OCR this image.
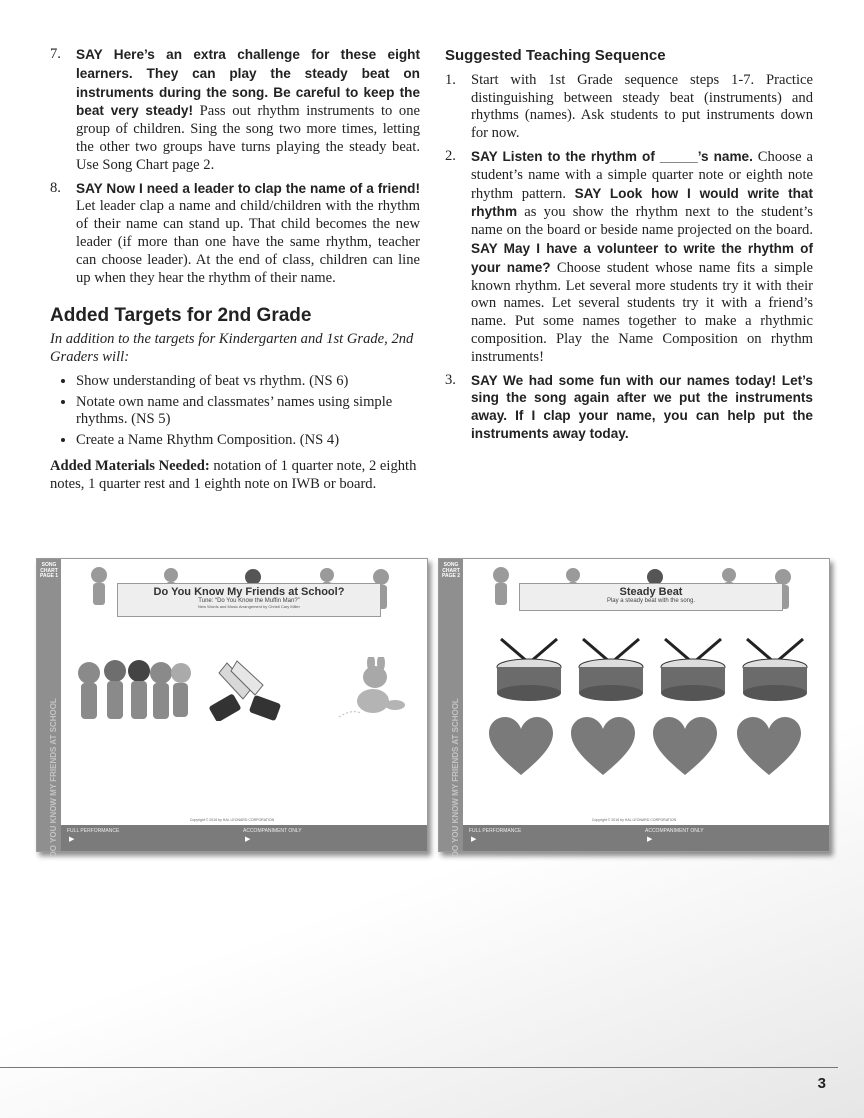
7.	SAY Here’s an extra challenge for these eight learners. They can play the steady beat on instruments during the song. Be careful to keep the beat very steady! Pass out rhythm instruments to one group of children. Sing the song two more times, letting the other two groups have turns playing the steady beat. Use Song Chart page 2.
8.	SAY Now I need a leader to clap the name of a friend! Let leader clap a name and child/children with the rhythm of their name can stand up. That child becomes the new leader (if more than one have the same rhythm, teacher can choose leader). At the end of class, children can line up when they hear the rhythm of their name.
Added Targets for 2nd Grade
In addition to the targets for Kindergarten and 1st Grade, 2nd Graders will:
• Show understanding of beat vs rhythm. (NS 6)
• Notate own name and classmates’ names using simple rhythms. (NS 5)
• Create a Name Rhythm Composition. (NS 4)
Added Materials Needed: notation of 1 quarter note, 2 eighth notes, 1 quarter rest and 1 eighth note on IWB or board.
Suggested Teaching Sequence
1.	Start with 1st Grade sequence steps 1-7. Practice distinguishing between steady beat (instruments) and rhythms (names). Ask students to put instruments down for now.
2.	SAY Listen to the rhythm of _____’s name. Choose a student’s name with a simple quarter note or eighth note rhythm pattern. SAY Look how I would write that rhythm as you show the rhythm next to the student’s name on the board or beside name projected on the board. SAY May I have a volunteer to write the rhythm of your name? Choose student whose name fits a simple known rhythm. Let several more students try it with their own names. Let several students try it with a friend’s name. Put some names together to make a rhythmic composition. Play the Name Composition on rhythm instruments!
3.	SAY We had some fun with our names today! Let’s sing the song again after we put the instruments away. If I clap your name, you can help put the instruments away today.
SONG CHART PAGE 1
DO YOU KNOW MY FRIENDS AT SCHOOL
Do You Know My Friends at School?
Tune: “Do You Know the Muffin Man?”
New Words and Music Arrangement by Christi Cary Miller
Copyright © 2016 by HAL LEONARD CORPORATION
FULL PERFORMANCE
▶
ACCOMPANIMENT ONLY
▶
SONG CHART PAGE 2
DO YOU KNOW MY FRIENDS AT SCHOOL
Steady Beat
Play a steady beat with the song.
Copyright © 2016 by HAL LEONARD CORPORATION
FULL PERFORMANCE
▶
ACCOMPANIMENT ONLY
▶
3
